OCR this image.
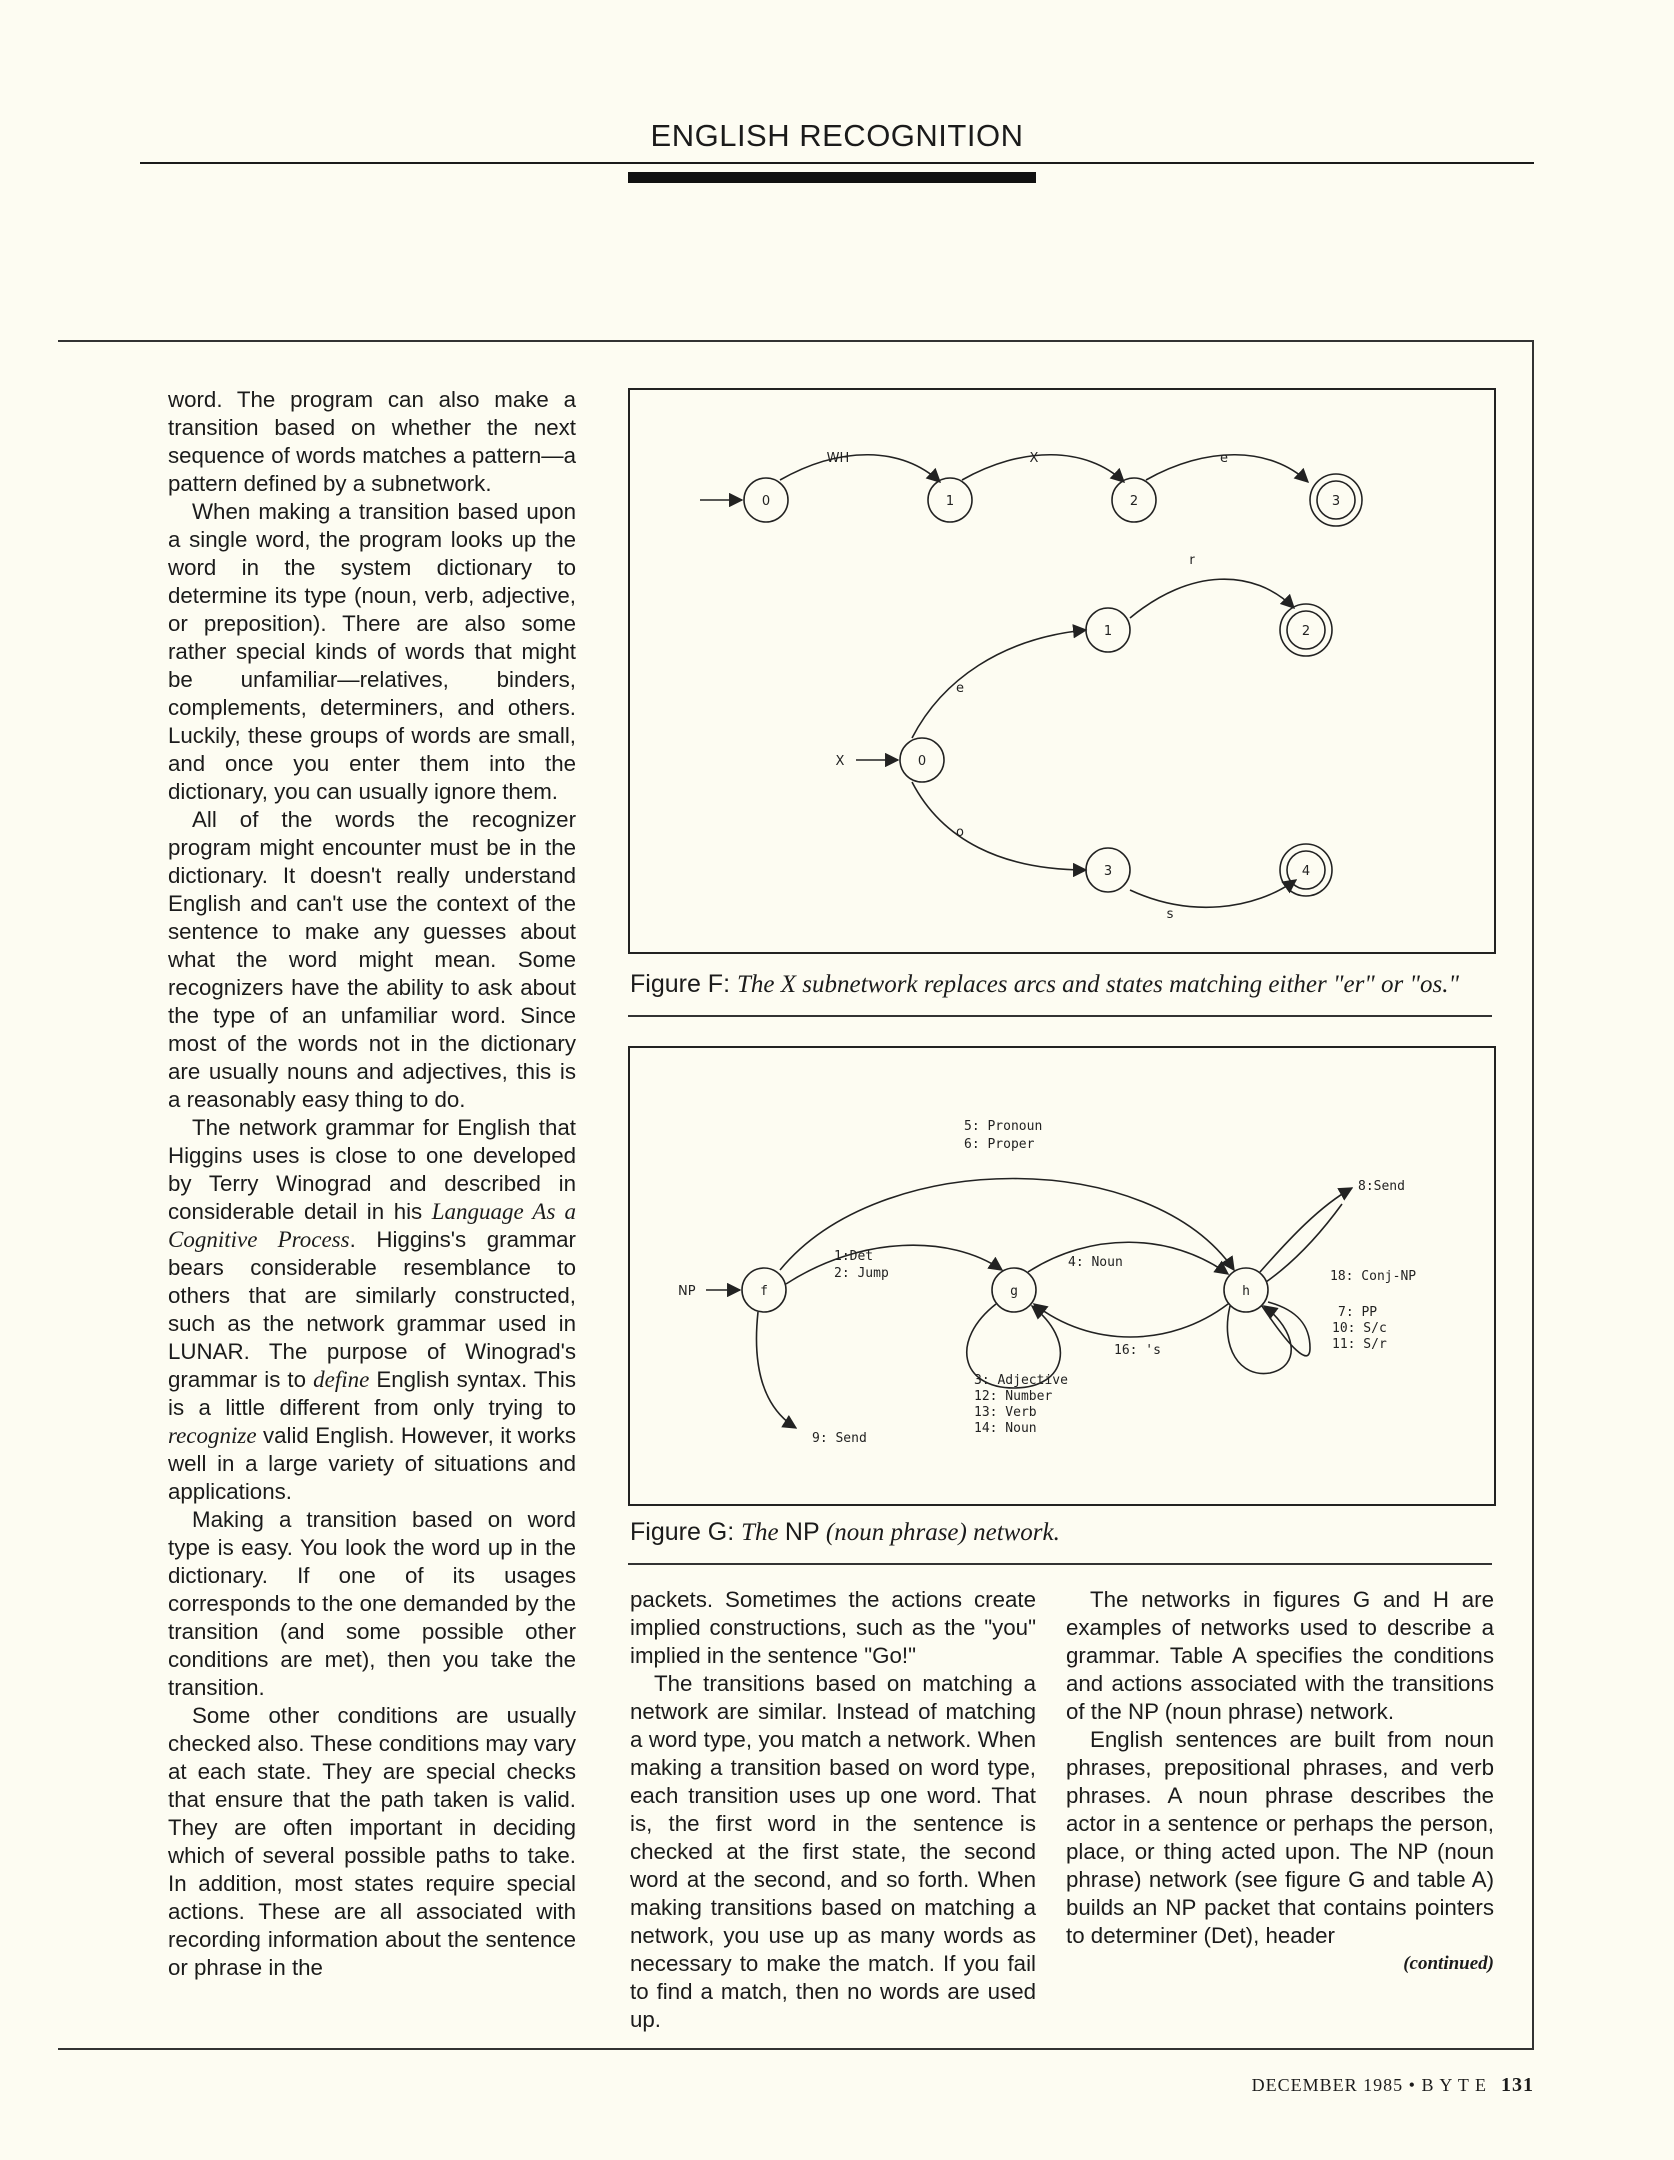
ENGLISH RECOGNITION

word. The program can also make a transition based on whether the next sequence of words matches a pattern—a pattern defined by a subnetwork.

When making a transition based upon a single word, the program looks up the word in the system dictionary to determine its type (noun, verb, adjective, or preposition). There are also some rather special kinds of words that might be unfamiliar—relatives, binders, complements, determiners, and others. Luckily, these groups of words are small, and once you enter them into the dictionary, you can usually ignore them.

All of the words the recognizer program might encounter must be in the dictionary. It doesn't really understand English and can't use the context of the sentence to make any guesses about what the word might mean. Some recognizers have the ability to ask about the type of an unfamiliar word. Since most of the words not in the dictionary are usually nouns and adjectives, this is a reasonably easy thing to do.

The network grammar for English that Higgins uses is close to one developed by Terry Winograd and described in considerable detail in his Language As a Cognitive Process. Higgins's grammar bears considerable resemblance to others that are similarly constructed, such as the network grammar used in LUNAR. The purpose of Winograd's grammar is to define English syntax. This is a little different from only trying to recognize valid English. However, it works well in a large variety of situations and applications.

Making a transition based on word type is easy. You look the word up in the dictionary. If one of its usages corresponds to the one demanded by the transition (and some possible other conditions are met), then you take the transition.

Some other conditions are usually checked also. These conditions may vary at each state. They are special checks that ensure that the path taken is valid. They are often important in deciding which of several possible paths to take. In addition, most states require special actions. These are all associated with recording information about the sentence or phrase in the

0	1	2	3
WH	X	e
X	0
1	2
3	4
e
r
o
s
Figure F: The X subnetwork replaces arcs and states matching either "er" or "os."
NP	f	g	h
5: Pronoun
6: Proper
1:Det
2: Jump
4: Noun
8:Send
18: Conj-NP
7: PP
10: S/c
11: S/r
16: 's
3: Adjective
12: Number
13: Verb
14: Noun
9: Send
Figure G: The NP (noun phrase) network.

packets. Sometimes the actions create implied constructions, such as the "you" implied in the sentence "Go!"

The transitions based on matching a network are similar. Instead of matching a word type, you match a network. When making a transition based on word type, each transition uses up one word. That is, the first word in the sentence is checked at the first state, the second word at the second, and so forth. When making transitions based on matching a network, you use up as many words as necessary to make the match. If you fail to find a match, then no words are used up.

The networks in figures G and H are examples of networks used to describe a grammar. Table A specifies the conditions and actions associated with the transitions of the NP (noun phrase) network.

English sentences are built from noun phrases, prepositional phrases, and verb phrases. A noun phrase describes the actor in a sentence or perhaps the person, place, or thing acted upon. The NP (noun phrase) network (see figure G and table A) builds an NP packet that contains pointers to determiner (Det), header

(continued)
DECEMBER 1985 • B Y T E 131
